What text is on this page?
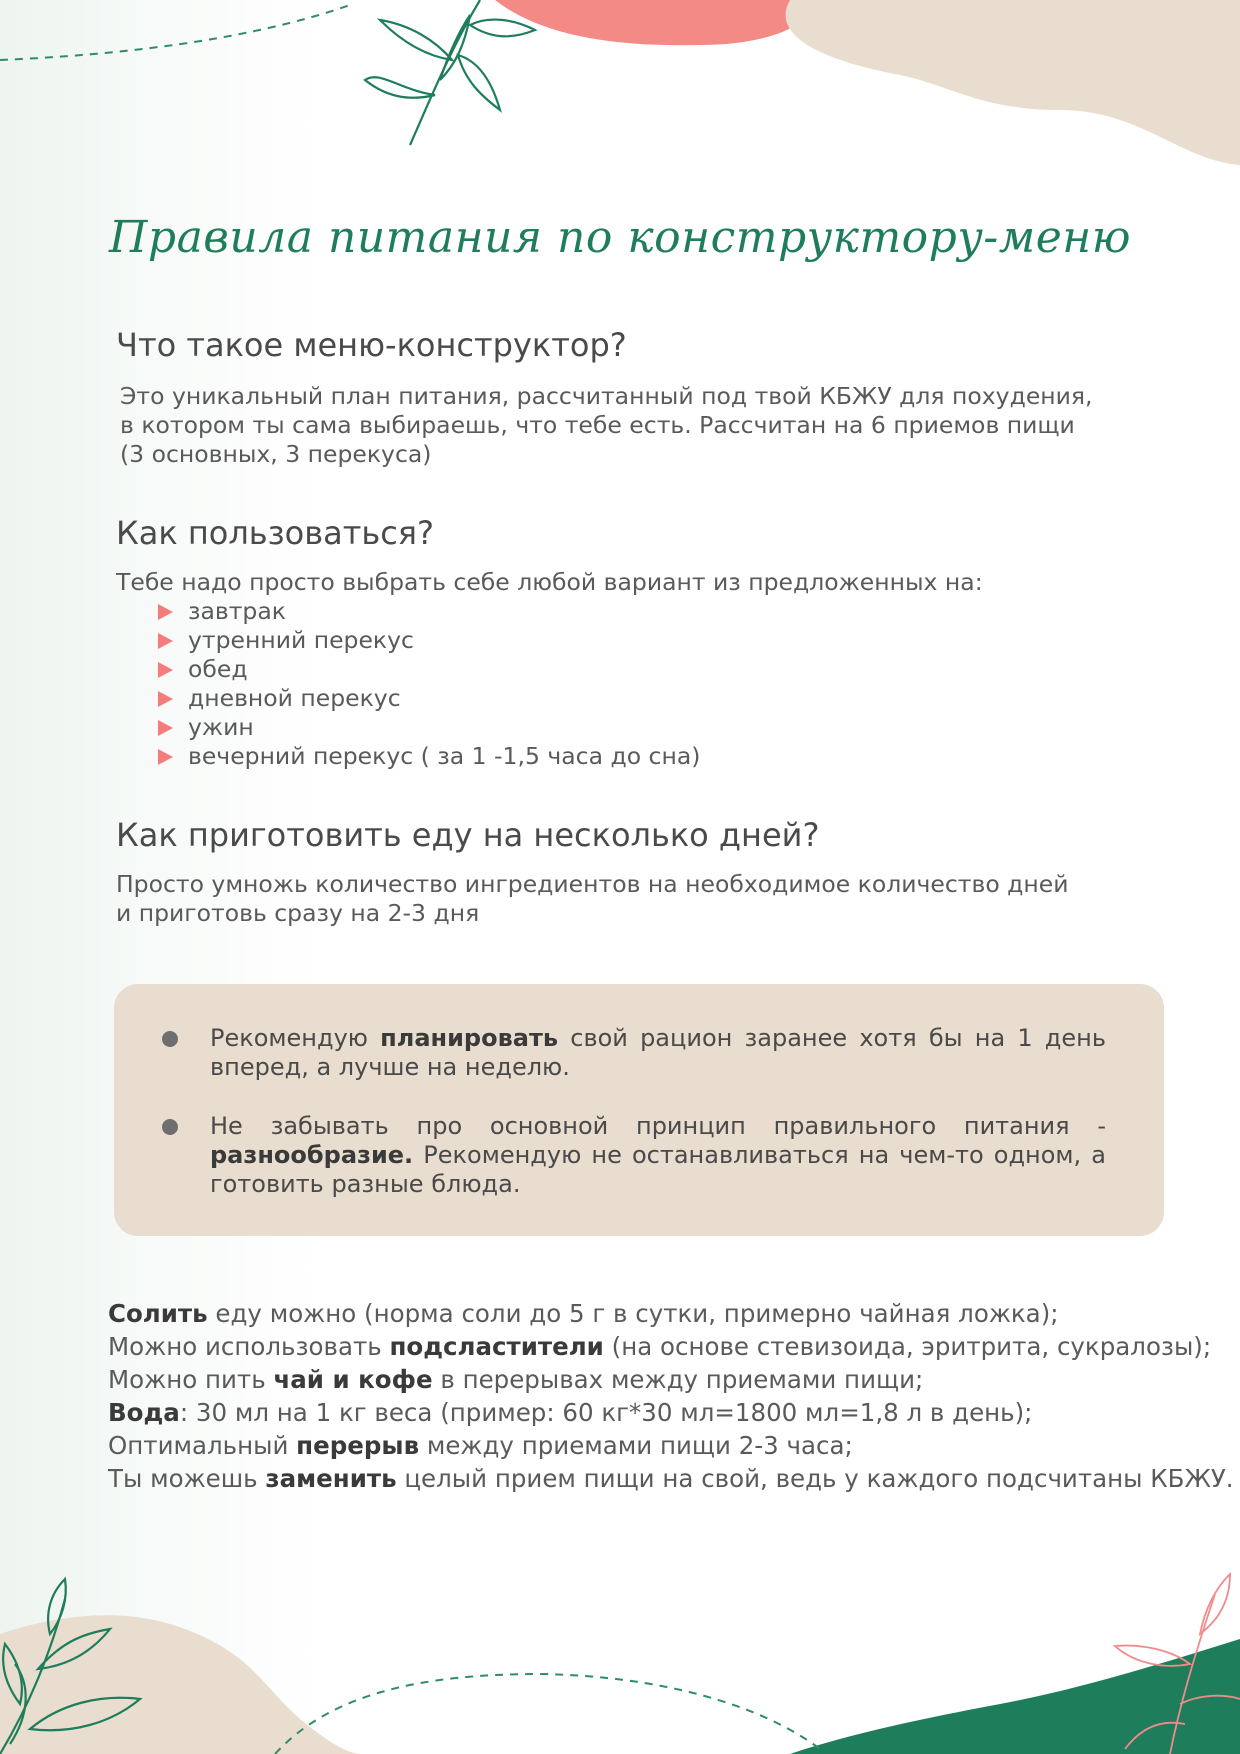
Правила питания по конструктору-меню
Что такое меню-конструктор?
Это уникальный план питания, рассчитанный под твой КБЖУ для похудения,
в котором ты сама выбираешь, что тебе есть. Рассчитан на 6 приемов пищи
(3 основных, 3 перекуса)
Как пользоваться?
Тебе надо просто выбрать себе любой вариант из предложенных на:
завтрак
утренний перекус
обед
дневной перекус
ужин
вечерний перекус ( за 1 -1,5 часа до сна)
Как приготовить еду на несколько дней?
Просто умножь количество ингредиентов на необходимое количество дней
и приготовь сразу на 2-3 дня
Рекомендую планировать свой рацион заранее хотя бы на 1 день вперед, а лучше на неделю.
Не забывать про основной принцип правильного питания - разнообразие. Рекомендую не останавливаться на чем-то одном, а готовить разные блюда.
Солить еду можно (норма соли до 5 г в сутки, примерно чайная ложка);
Можно использовать подсластители (на основе стевизоида, эритрита, сукралозы);
Можно пить чай и кофе в перерывах между приемами пищи;
Вода: 30 мл на 1 кг веса (пример: 60 кг*30 мл=1800 мл=1,8 л в день);
Оптимальный перерыв между приемами пищи 2-3 часа;
Ты можешь заменить целый прием пищи на свой, ведь у каждого подсчитаны КБЖУ.
